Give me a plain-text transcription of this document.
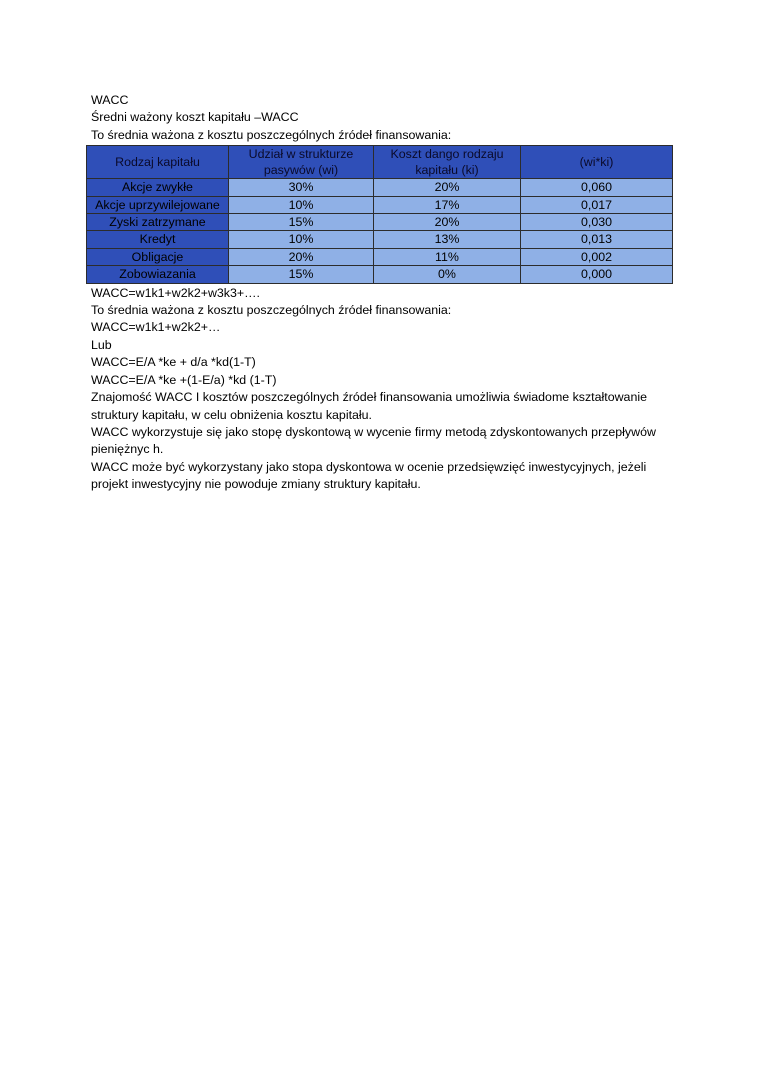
WACC
Średni ważony koszt kapitału –WACC
To średnia ważona z kosztu poszczególnych źródeł finansowania:
Rodzaj kapitału	Udział w strukturze pasywów (wi)	Koszt dango rodzaju kapitału (ki)	(wi*ki)
Akcje zwykłe	30%	20%	0,060
Akcje uprzywilejowane	10%	17%	0,017
Zyski zatrzymane	15%	20%	0,030
Kredyt	10%	13%	0,013
Obligacje	20%	11%	0,002
Zobowiazania	15%	0%	0,000
WACC=w1k1+w2k2+w3k3+….
To średnia ważona z kosztu poszczególnych źródeł finansowania:
WACC=w1k1+w2k2+…
Lub
WACC=E/A *ke + d/a *kd(1-T)
WACC=E/A *ke +(1-E/a) *kd (1-T)
Znajomość WACC I kosztów poszczególnych źródeł finansowania umożliwia świadome kształtowanie struktury kapitału, w celu obniżenia kosztu kapitału.
WACC wykorzystuje się jako stopę dyskontową w wycenie firmy metodą zdyskontowanych przepływów pieniężnyc h.
WACC może być wykorzystany jako stopa dyskontowa w ocenie przedsięwzięć inwestycyjnych, jeżeli projekt inwestycyjny nie powoduje zmiany struktury kapitału.
